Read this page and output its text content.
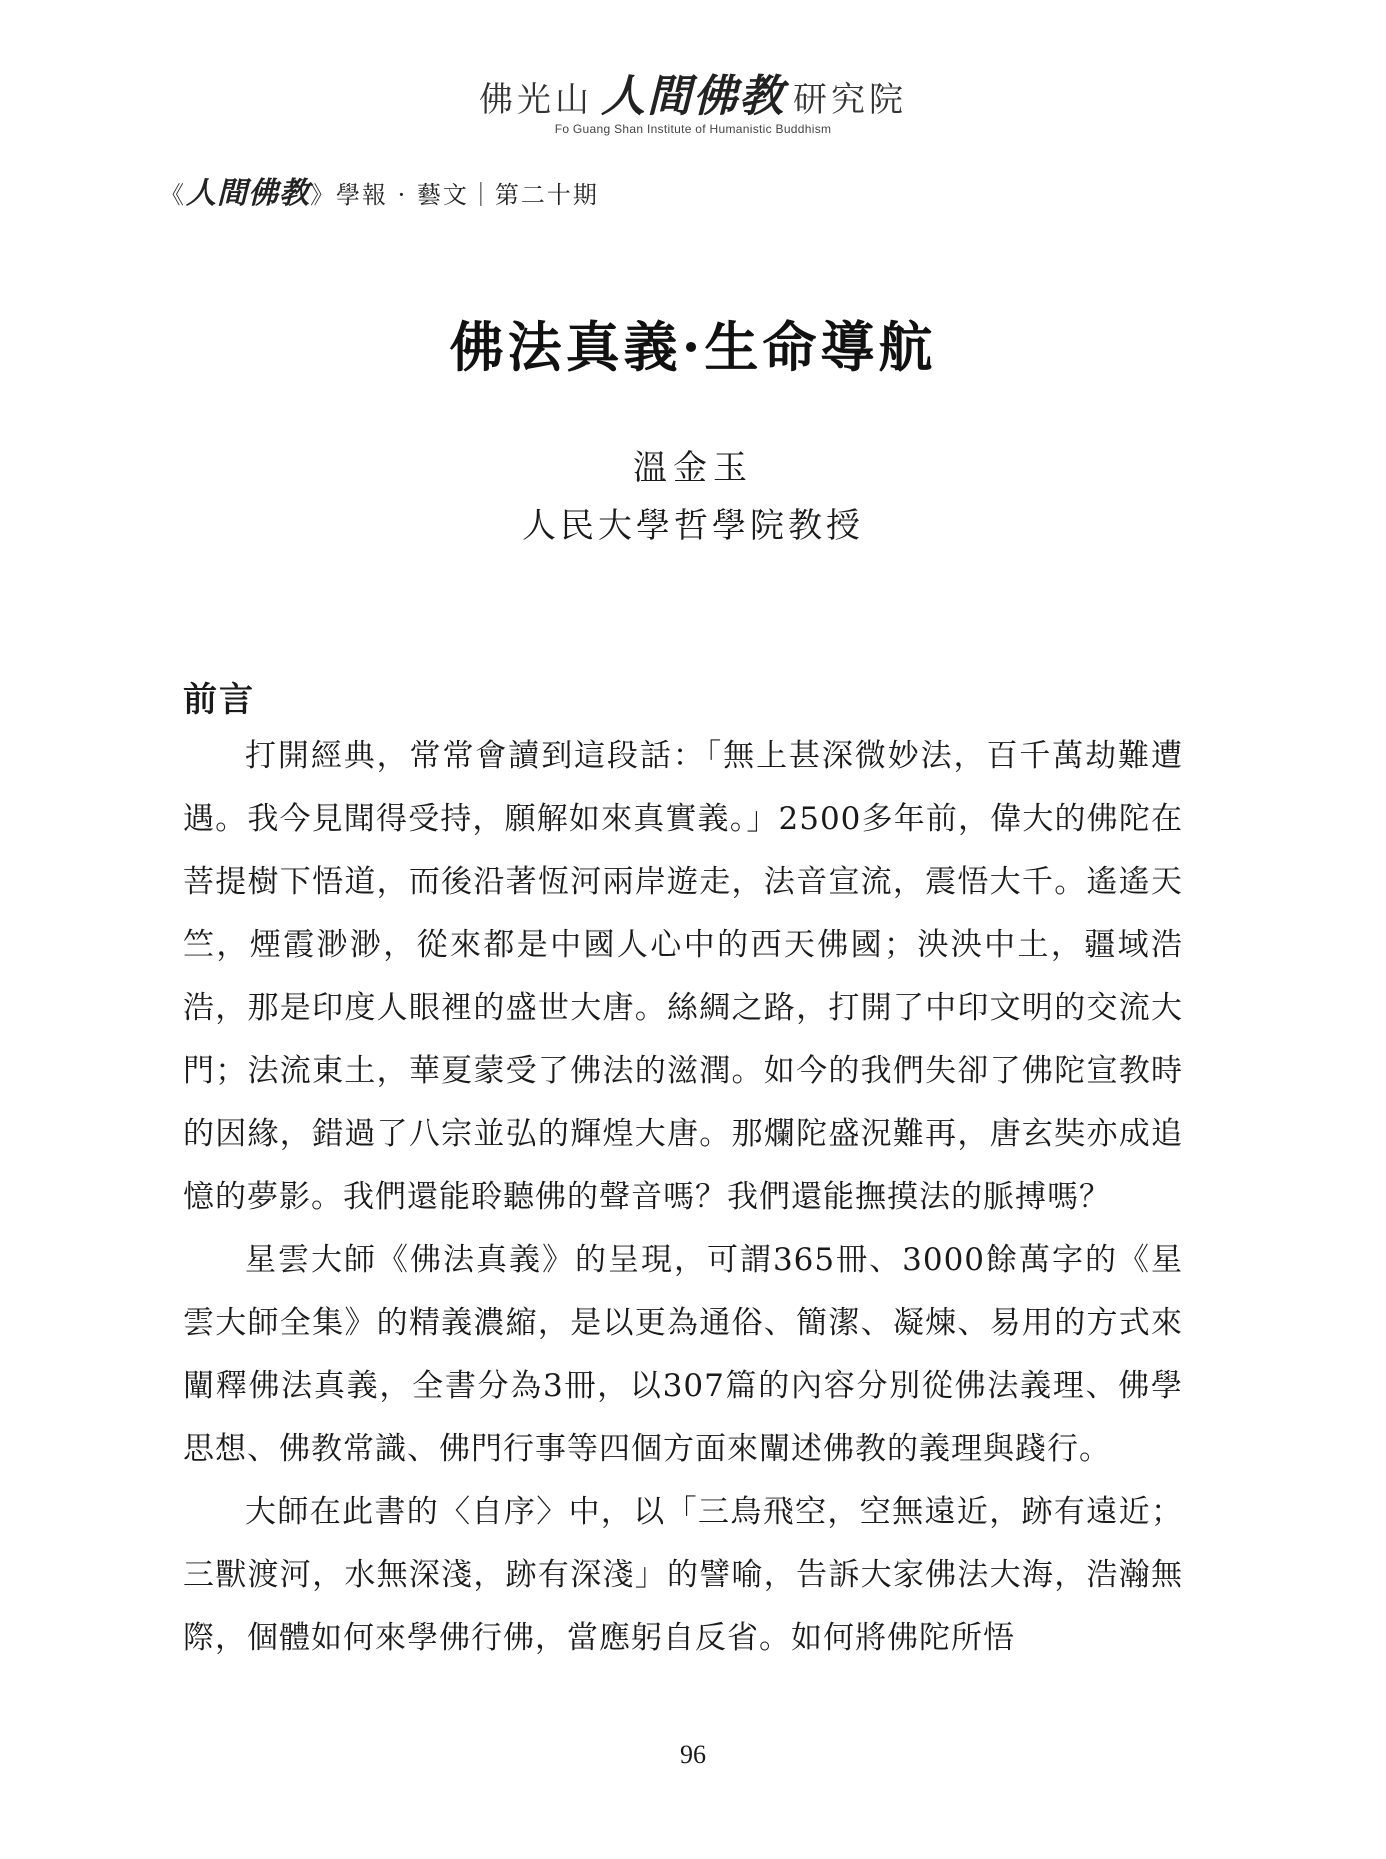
佛光山 人間佛教 研究院
Fo Guang Shan Institute of Humanistic Buddhism
《人間佛教》學報 · 藝文｜第二十期
佛法真義·生命導航
溫金玉
人民大學哲學院教授
前言

打開經典，常常會讀到這段話：「無上甚深微妙法，百千萬劫難遭遇。我今見聞得受持，願解如來真實義。」2500多年前，偉大的佛陀在菩提樹下悟道，而後沿著恆河兩岸遊走，法音宣流，震悟大千。遙遙天竺，煙霞渺渺，從來都是中國人心中的西天佛國；泱泱中土，疆域浩浩，那是印度人眼裡的盛世大唐。絲綢之路，打開了中印文明的交流大門；法流東土，華夏蒙受了佛法的滋潤。如今的我們失卻了佛陀宣教時的因緣，錯過了八宗並弘的輝煌大唐。那爛陀盛況難再，唐玄奘亦成追憶的夢影。我們還能聆聽佛的聲音嗎？我們還能撫摸法的脈搏嗎？

星雲大師《佛法真義》的呈現，可謂365冊、3000餘萬字的《星雲大師全集》的精義濃縮，是以更為通俗、簡潔、凝煉、易用的方式來闡釋佛法真義，全書分為3冊，以307篇的內容分別從佛法義理、佛學思想、佛教常識、佛門行事等四個方面來闡述佛教的義理與踐行。

大師在此書的〈自序〉中，以「三鳥飛空，空無遠近，跡有遠近；三獸渡河，水無深淺，跡有深淺」的譬喻，告訴大家佛法大海，浩瀚無際，個體如何來學佛行佛，當應躬自反省。如何將佛陀所悟

96
